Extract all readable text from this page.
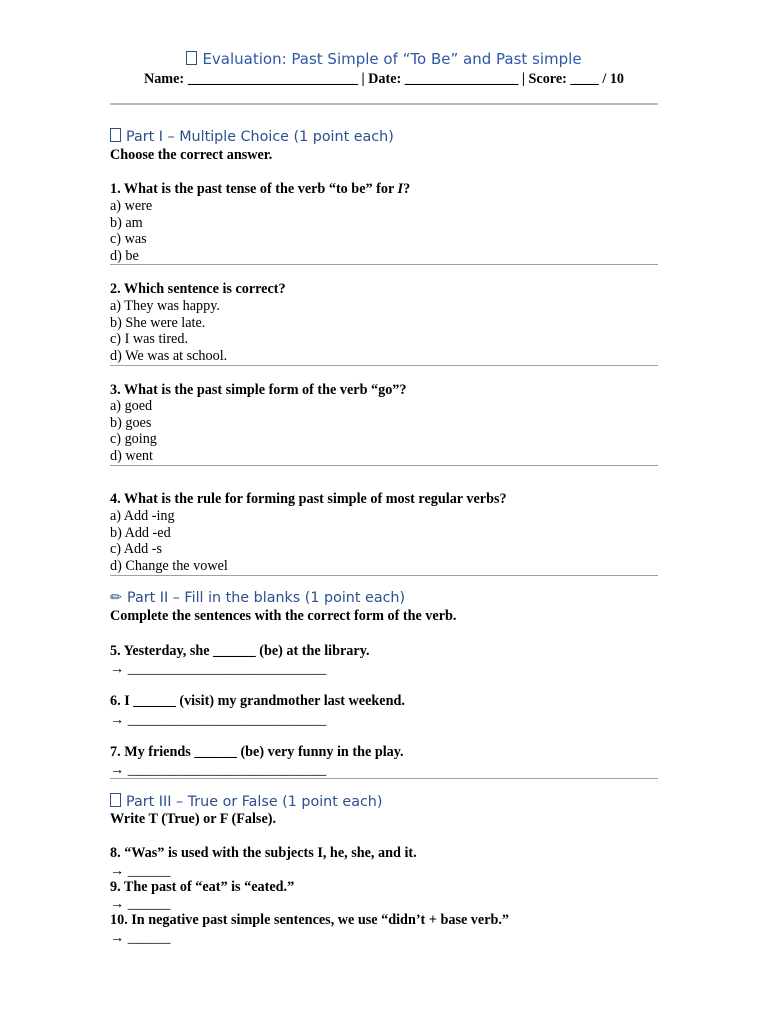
Evaluation: Past Simple of “To Be” and Past simple
Name: ________________________ | Date: ________________ | Score: ____ / 10
Part I – Multiple Choice (1 point each)
Choose the correct answer.
1. What is the past tense of the verb “to be” for I?
a) were
b) am
c) was
d) be
2. Which sentence is correct?
a) They was happy.
b) She were late.
c) I was tired.
d) We was at school.
3. What is the past simple form of the verb “go”?
a) goed
b) goes
c) going
d) went
4. What is the rule for forming past simple of most regular verbs?
a) Add -ing
b) Add -ed
c) Add -s
d) Change the vowel
✏ Part II – Fill in the blanks (1 point each)
Complete the sentences with the correct form of the verb.
5. Yesterday, she ______ (be) at the library.
→ ____________________________
6. I ______ (visit) my grandmother last weekend.
→ ____________________________
7. My friends ______ (be) very funny in the play.
→ ____________________________
Part III – True or False (1 point each)
Write T (True) or F (False).
8. “Was” is used with the subjects I, he, she, and it.
→ ______
9. The past of “eat” is “eated.”
→ ______
10. In negative past simple sentences, we use “didn’t + base verb.”
→ ______
